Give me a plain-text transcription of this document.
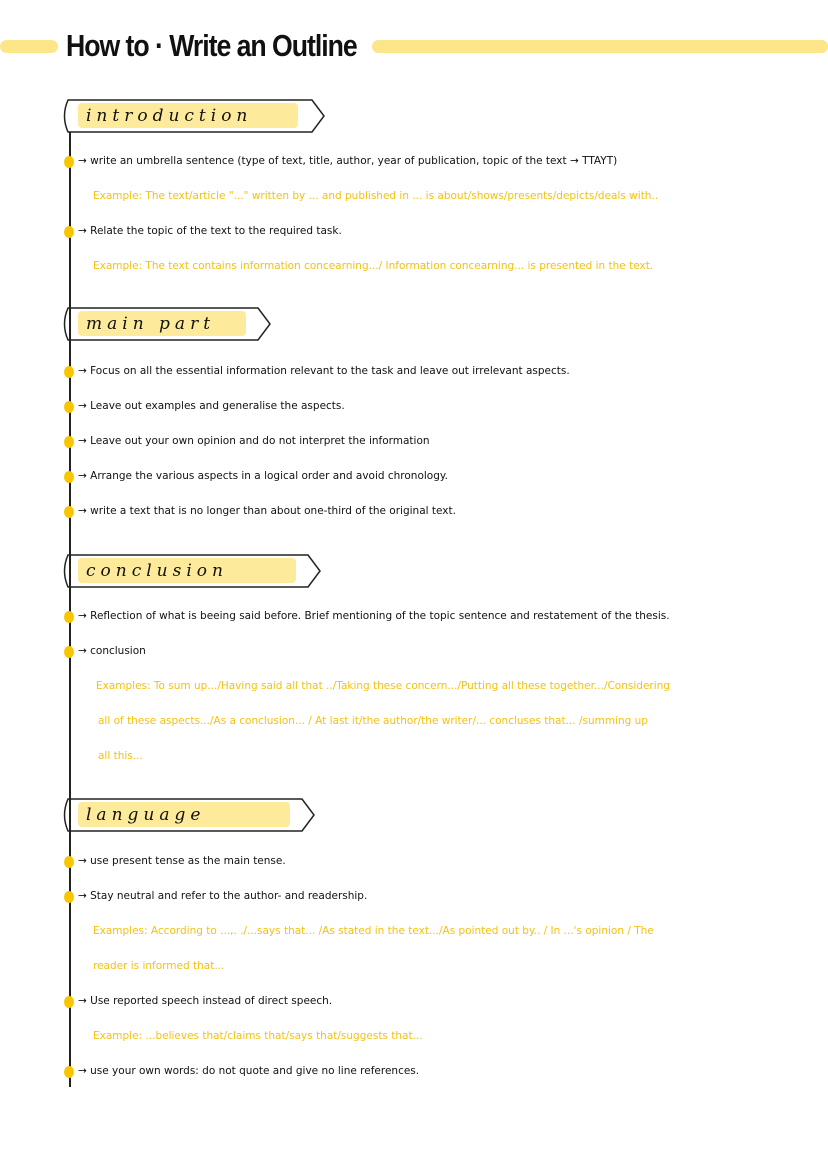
How to · Write an Outline
introduction
main part
conclusion
language
→ write an umbrella sentence (type of text, title, author, year of publication, topic of the text → TTAYT)
Example: The text/article "..." written by ... and published in ... is about/shows/presents/depicts/deals with..
→ Relate the topic of the text to the required task.
Example: The text contains information concearning.../ Information concearning... is presented in the text.
→ Focus on all the essential information relevant to the task and leave out irrelevant aspects.
→ Leave out examples and generalise the aspects.
→ Leave out your own opinion and do not interpret the information
→ Arrange the various aspects in a logical order and avoid chronology.
→ write a text that is no longer than about one-third of the original text.
→ Reflection of what is beeing said before. Brief mentioning of the topic sentence and restatement of the thesis.
→ conclusion
Examples: To sum up.../Having said all that ../Taking these concern.../Putting all these together.../Considering
all of these aspects.../As a conclusion... / At last it/the author/the writer/... concluses that... /summing up
all this...
→ use present tense as the main tense.
→ Stay neutral and refer to the author- and readership.
Examples: According to ...,. ./...says that... /As stated in the text.../As pointed out by.. / In ...'s opinion / The
reader is informed that...
→ Use reported speech instead of direct speech.
Example: ...believes that/claims that/says that/suggests that...
→ use your own words: do not quote and give no line references.
